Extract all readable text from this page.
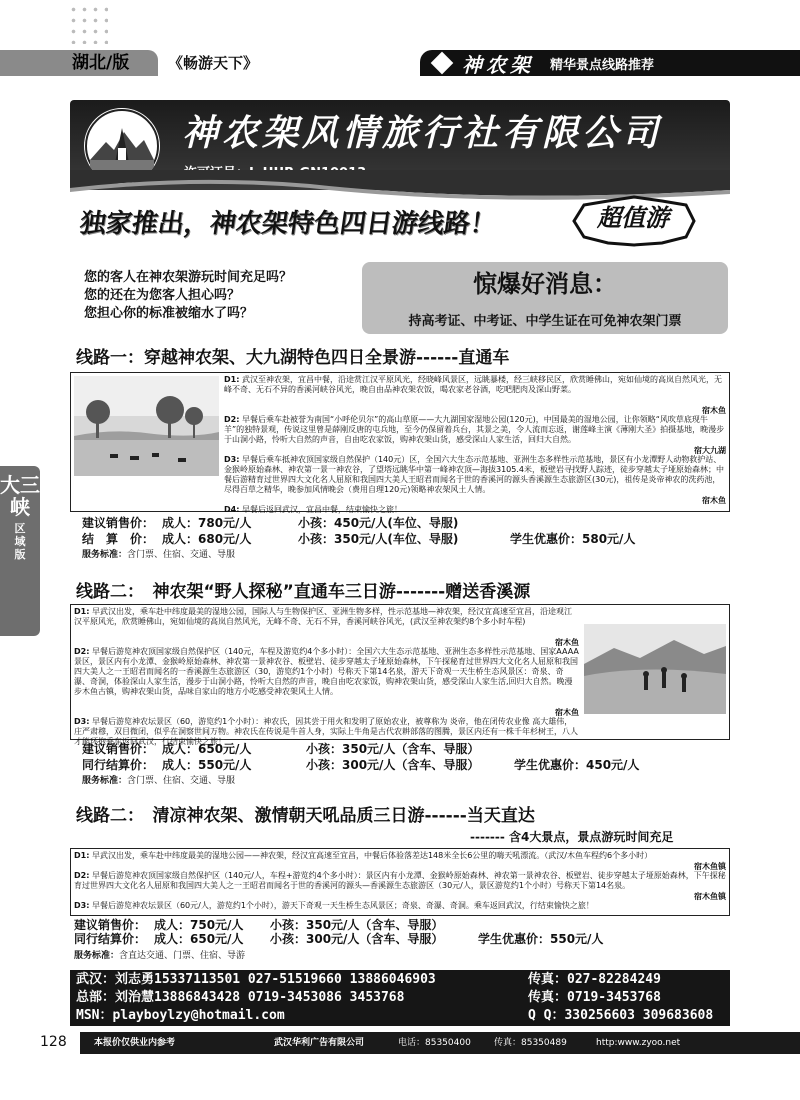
湖北/版	《畅游天下》	神农架 精华景点线路推荐
神农架风情旅行社有限公司
独家推出，神农架特色四日游线路！	超值游
您的客人在神农架游玩时间充足吗？
您的还在为您客人担心吗？
您担心你的标准被缩水了吗？
惊爆好消息：
持高考证、中考证、中学生证在可免神农架门票
大三峡
区域版
线路一：穿越神农架、大九湖特色四日全景游------直通车
D1: 武汉至神农架，宜昌中餐，沿途赏江汉平原风光，经晓峰风景区，远眺暴楼，经三峡移民区，欣赏睡佛山，宛如仙境的高岚自然风光，无峰不奇、无石不异的香溪河峡谷风光，晚自由品神农架农饭，喝农家老谷酒，吃吧肥肉及深山野菜。
宿木鱼
D2: 早餐后乘车赴被誉为南国“小呼伦贝尔”的高山草原——大九湖国家湿地公园(120元)，中国最美的湿地公园，让你领略“风吹草底现牛羊”的独特景观，传说这里曾是薛刚反唐的屯兵地，至今仍保留着兵台，其景之美，令人流而忘返，谢莲峰主演《薄刚大圣》拍摄基地，晚漫步于山洞小路，怜听大自然的声音，自由吃农家饭，购神农架山货，感受深山人家生活，回归大自然。
宿大九湖
D3: 早餐后乘车抵神农顶国家级自然保护（140元）区，全国六大生态示范基地、亚洲生态多样性示范基地，景区有小龙潭野人动物救护站、金猴岭原始森林、神农第一景一神农谷，了望塔远眺华中第一峰神农顶—海拔3105.4米，板壁岩寻找野人踪迹，徒步穿越太子垭原始森林；中餐后游精育过世界四大文化名人屈原和我国四大美人王昭君而闻名于世的香溪河的源头香溪源生态旅游区(30元)，祖传是炎帝神农的洗药池，尽得百草之精华，晚参加风情晚会（费用自理120元)领略神农架风土人情。
宿木鱼
D4: 早餐后返回武汉，宜昌中餐，结束愉快之旅！
建议销售价： 成人：780元/人	小孩：450元/人(车位、导服)
结　算　价： 成人：680元/人	小孩：350元/人(车位、导服)	学生优惠价：580元/人
服务标准：含门票、住宿、交通、导服
线路二：　神农架“野人探秘”直通车三日游-------赠送香溪源
D1: 早武汉出发，乘车赴中纬度最美的湿地公园，国际人与生物保护区、亚洲生物多样，性示范基地—神农架，经汉宜高速至宜昌，沿途观江汉平原风光，欣赏睡佛山，宛如仙境的高岚自然风光，无峰不奇、无石不异，香溪河峡谷风光，(武汉至神农架约8个多小时车程)
宿木鱼
D2: 早餐后游览神农顶国家级自然保护区（140元，车程及游览约4个多小时）：全国六大生态示范基地、亚洲生态多样性示范基地、国家AAAA景区，景区内有小龙潭、金猴岭原始森林、神农第一景神农谷、板壁岩、徒步穿越太子垭原始森林，下午探秘育过世界四大文化名人屈原和我国四大美人之一王昭君而闻名的一香溪源生态旅游区（30，游览约1个小时）号称天下第14名泉，游天下奇观一天生桥生态风景区：奇泉、奇瀑、奇洞，体验深山人家生活，漫步于山洞小路，怜听大自然的声音，晚自由吃农家饭，购神农架山货，感受深山人家生活,回归大自然。晚漫步木鱼古镇，购神农架山货，品味自家山的地方小吃感受神农架风土人情。
宿木鱼
D3: 早餐后游览神农坛景区（60，游览约1个小时）：神农氏，因其尝于用火和发明了原始农业，被尊称为 炎帝，他在闭传农业像 高大雄伟，庄严肃穆，双目微闭，似乎在洞察世间万物。神农氏在传说是牛首人身，实际上牛角是古代农耕部落的图腾，景区内还有一株千年杉树王，八人才能环抱乘车返回武汉，行结束愉快之旅！
建议销售价： 成人：650元/人	小孩：350元/人（含车、导服）
同行结算价： 成人：550元/人	小孩：300元/人（含车、导服）	学生优惠价：450元/人
服务标准：含门票、住宿、交通、导服
线路二：　清凉神农架、激情朝天吼品质三日游------当天直达
------- 含4大景点，景点游玩时间充足
D1: 早武汉出发，乘车赴中纬度最美的湿地公园——神农架，经汉宜高速至宜昌，中餐后体验落差达148米全长6公里的嗨天吼漂流。（武汉/木鱼车程约6个多小时）
宿木鱼镇
D2: 早餐后游览神农顶国家级自然保护区（140元/人，车程+游览约4个多小时）：景区内有小龙潭、金猴岭原始森林、神农第一景神农谷、板壁岩、徒步穿越太子垭原始森林，下午探秘育过世界四大文化名人屈原和我国四大美人之一王昭君而闻名于世的香溪河的源头—香溪源生态旅游区（30元/人，景区游览约1个小时）号称天下第14名泉。
宿木鱼镇
D3: 早餐后游览神农坛景区（60元/人，游览约1个小时），游天下奇观一天生桥生态风景区；奇泉、奇瀑、奇洞。乘车返回武汉，行结束愉快之旅！
建议销售价： 成人：750元/人 小孩：350元/人（含车、导服）
同行结算价： 成人：650元/人 小孩：300元/人（含车、导服）	学生优惠价：550元/人
服务标准：含直达交通、门票、住宿、导游
武汉：刘志勇15337113501 027-51519660 13886046903	传真：027-82284249
总部：刘治慧13886843428 0719-3453086 3453768	传真：0719-3453768
MSN：playboylzy@hotmail.com	Q Q：330256603 309683608
128	本报价仅供业内参考	武汉华利广告有限公司	电话：85350400	传真：85350489	http:www.zyoo.net
